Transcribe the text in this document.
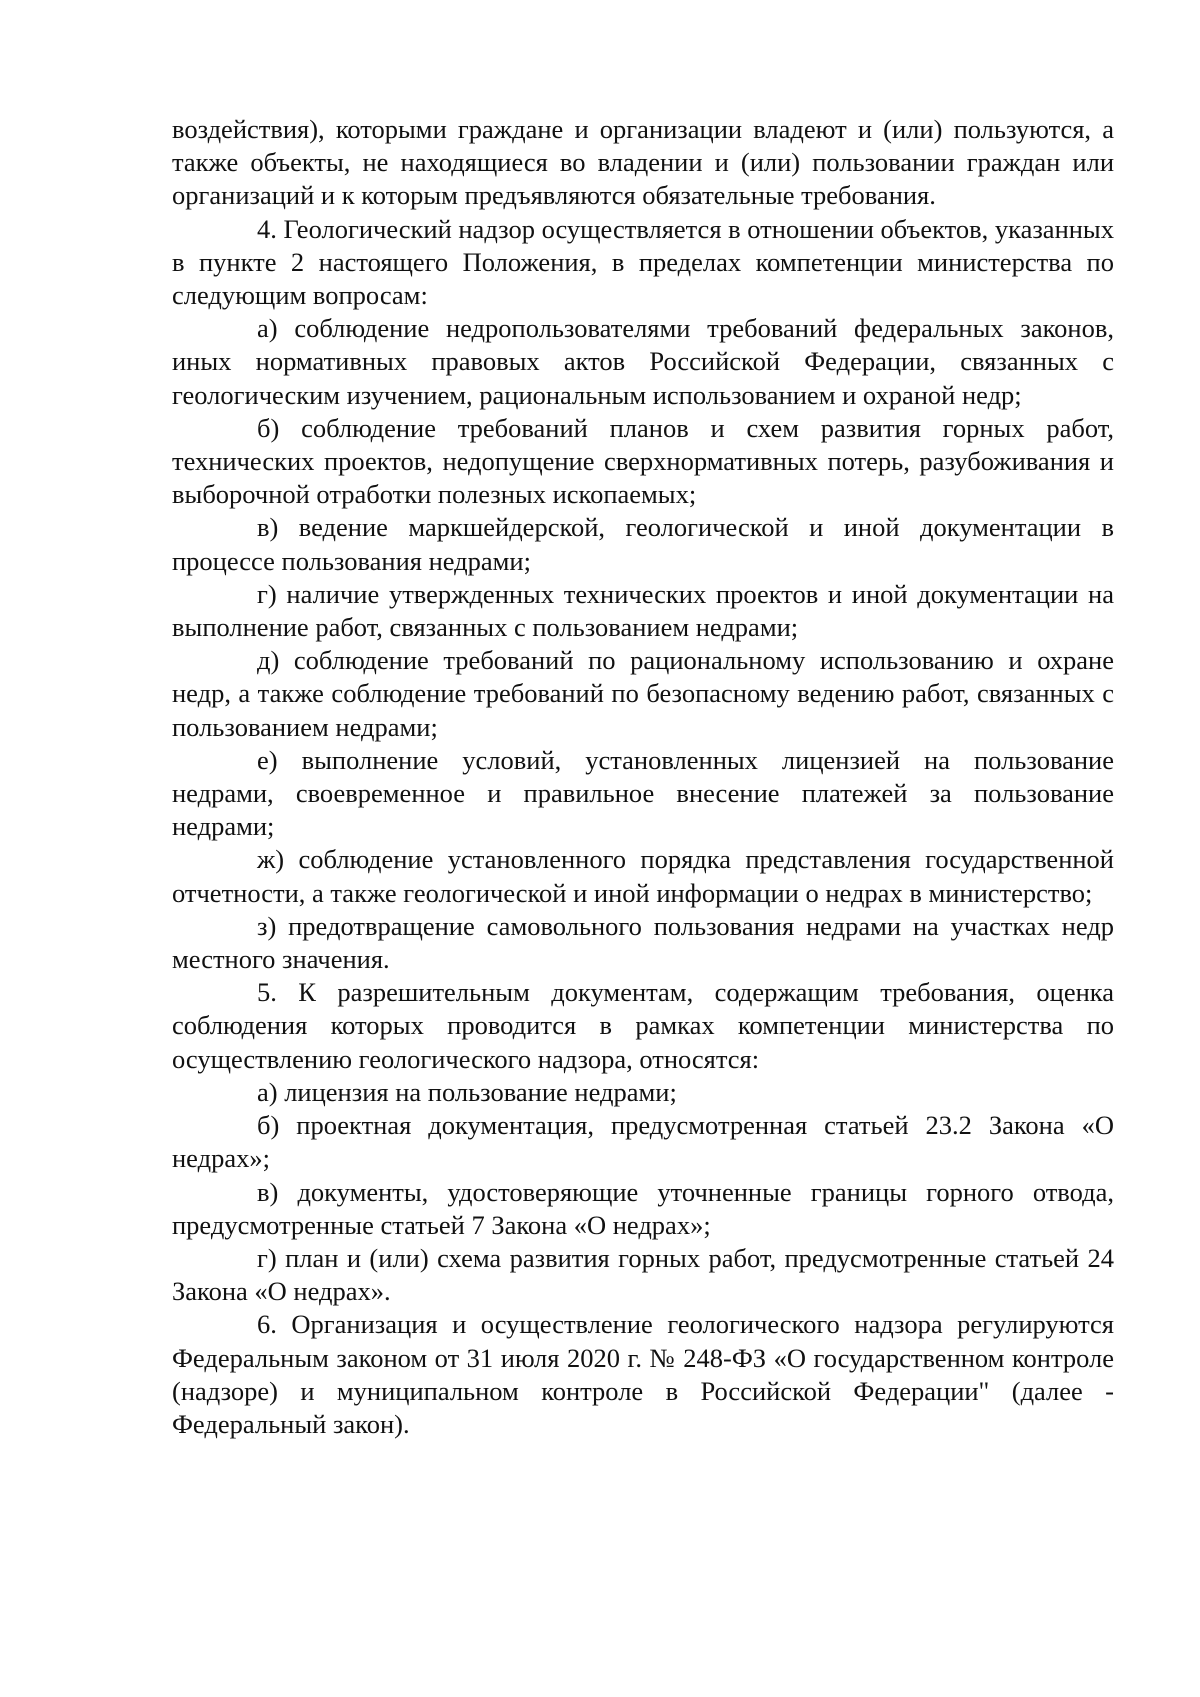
воздействия), которыми граждане и организации владеют и (или) пользуются, а также объекты, не находящиеся во владении и (или) пользовании граждан или организаций и к которым предъявляются обязательные требования.

4. Геологический надзор осуществляется в отношении объектов, указанных в пункте 2 настоящего Положения, в пределах компетенции министерства по следующим вопросам:

а) соблюдение недропользователями требований федеральных законов, иных нормативных правовых актов Российской Федерации, связанных с геологическим изучением, рациональным использованием и охраной недр;

б) соблюдение требований планов и схем развития горных работ, технических проектов, недопущение сверхнормативных потерь, разубоживания и выборочной отработки полезных ископаемых;

в) ведение маркшейдерской, геологической и иной документации в процессе пользования недрами;

г) наличие утвержденных технических проектов и иной документации на выполнение работ, связанных с пользованием недрами;

д) соблюдение требований по рациональному использованию и охране недр, а также соблюдение требований по безопасному ведению работ, связанных с пользованием недрами;

е) выполнение условий, установленных лицензией на пользование недрами, своевременное и правильное внесение платежей за пользование недрами;

ж) соблюдение установленного порядка представления государственной отчетности, а также геологической и иной информации о недрах в министерство;

з) предотвращение самовольного пользования недрами на участках недр местного значения.

5. К разрешительным документам, содержащим требования, оценка соблюдения которых проводится в рамках компетенции министерства по осуществлению геологического надзора, относятся:

а) лицензия на пользование недрами;

б) проектная документация, предусмотренная статьей 23.2 Закона «О недрах»;

в) документы, удостоверяющие уточненные границы горного отвода, предусмотренные статьей 7 Закона «О недрах»;

г) план и (или) схема развития горных работ, предусмотренные статьей 24 Закона «О недрах».

6. Организация и осуществление геологического надзора регулируются Федеральным законом от 31 июля 2020 г. № 248-ФЗ «О государственном контроле (надзоре) и муниципальном контроле в Российской Федерации" (далее - Федеральный закон).
